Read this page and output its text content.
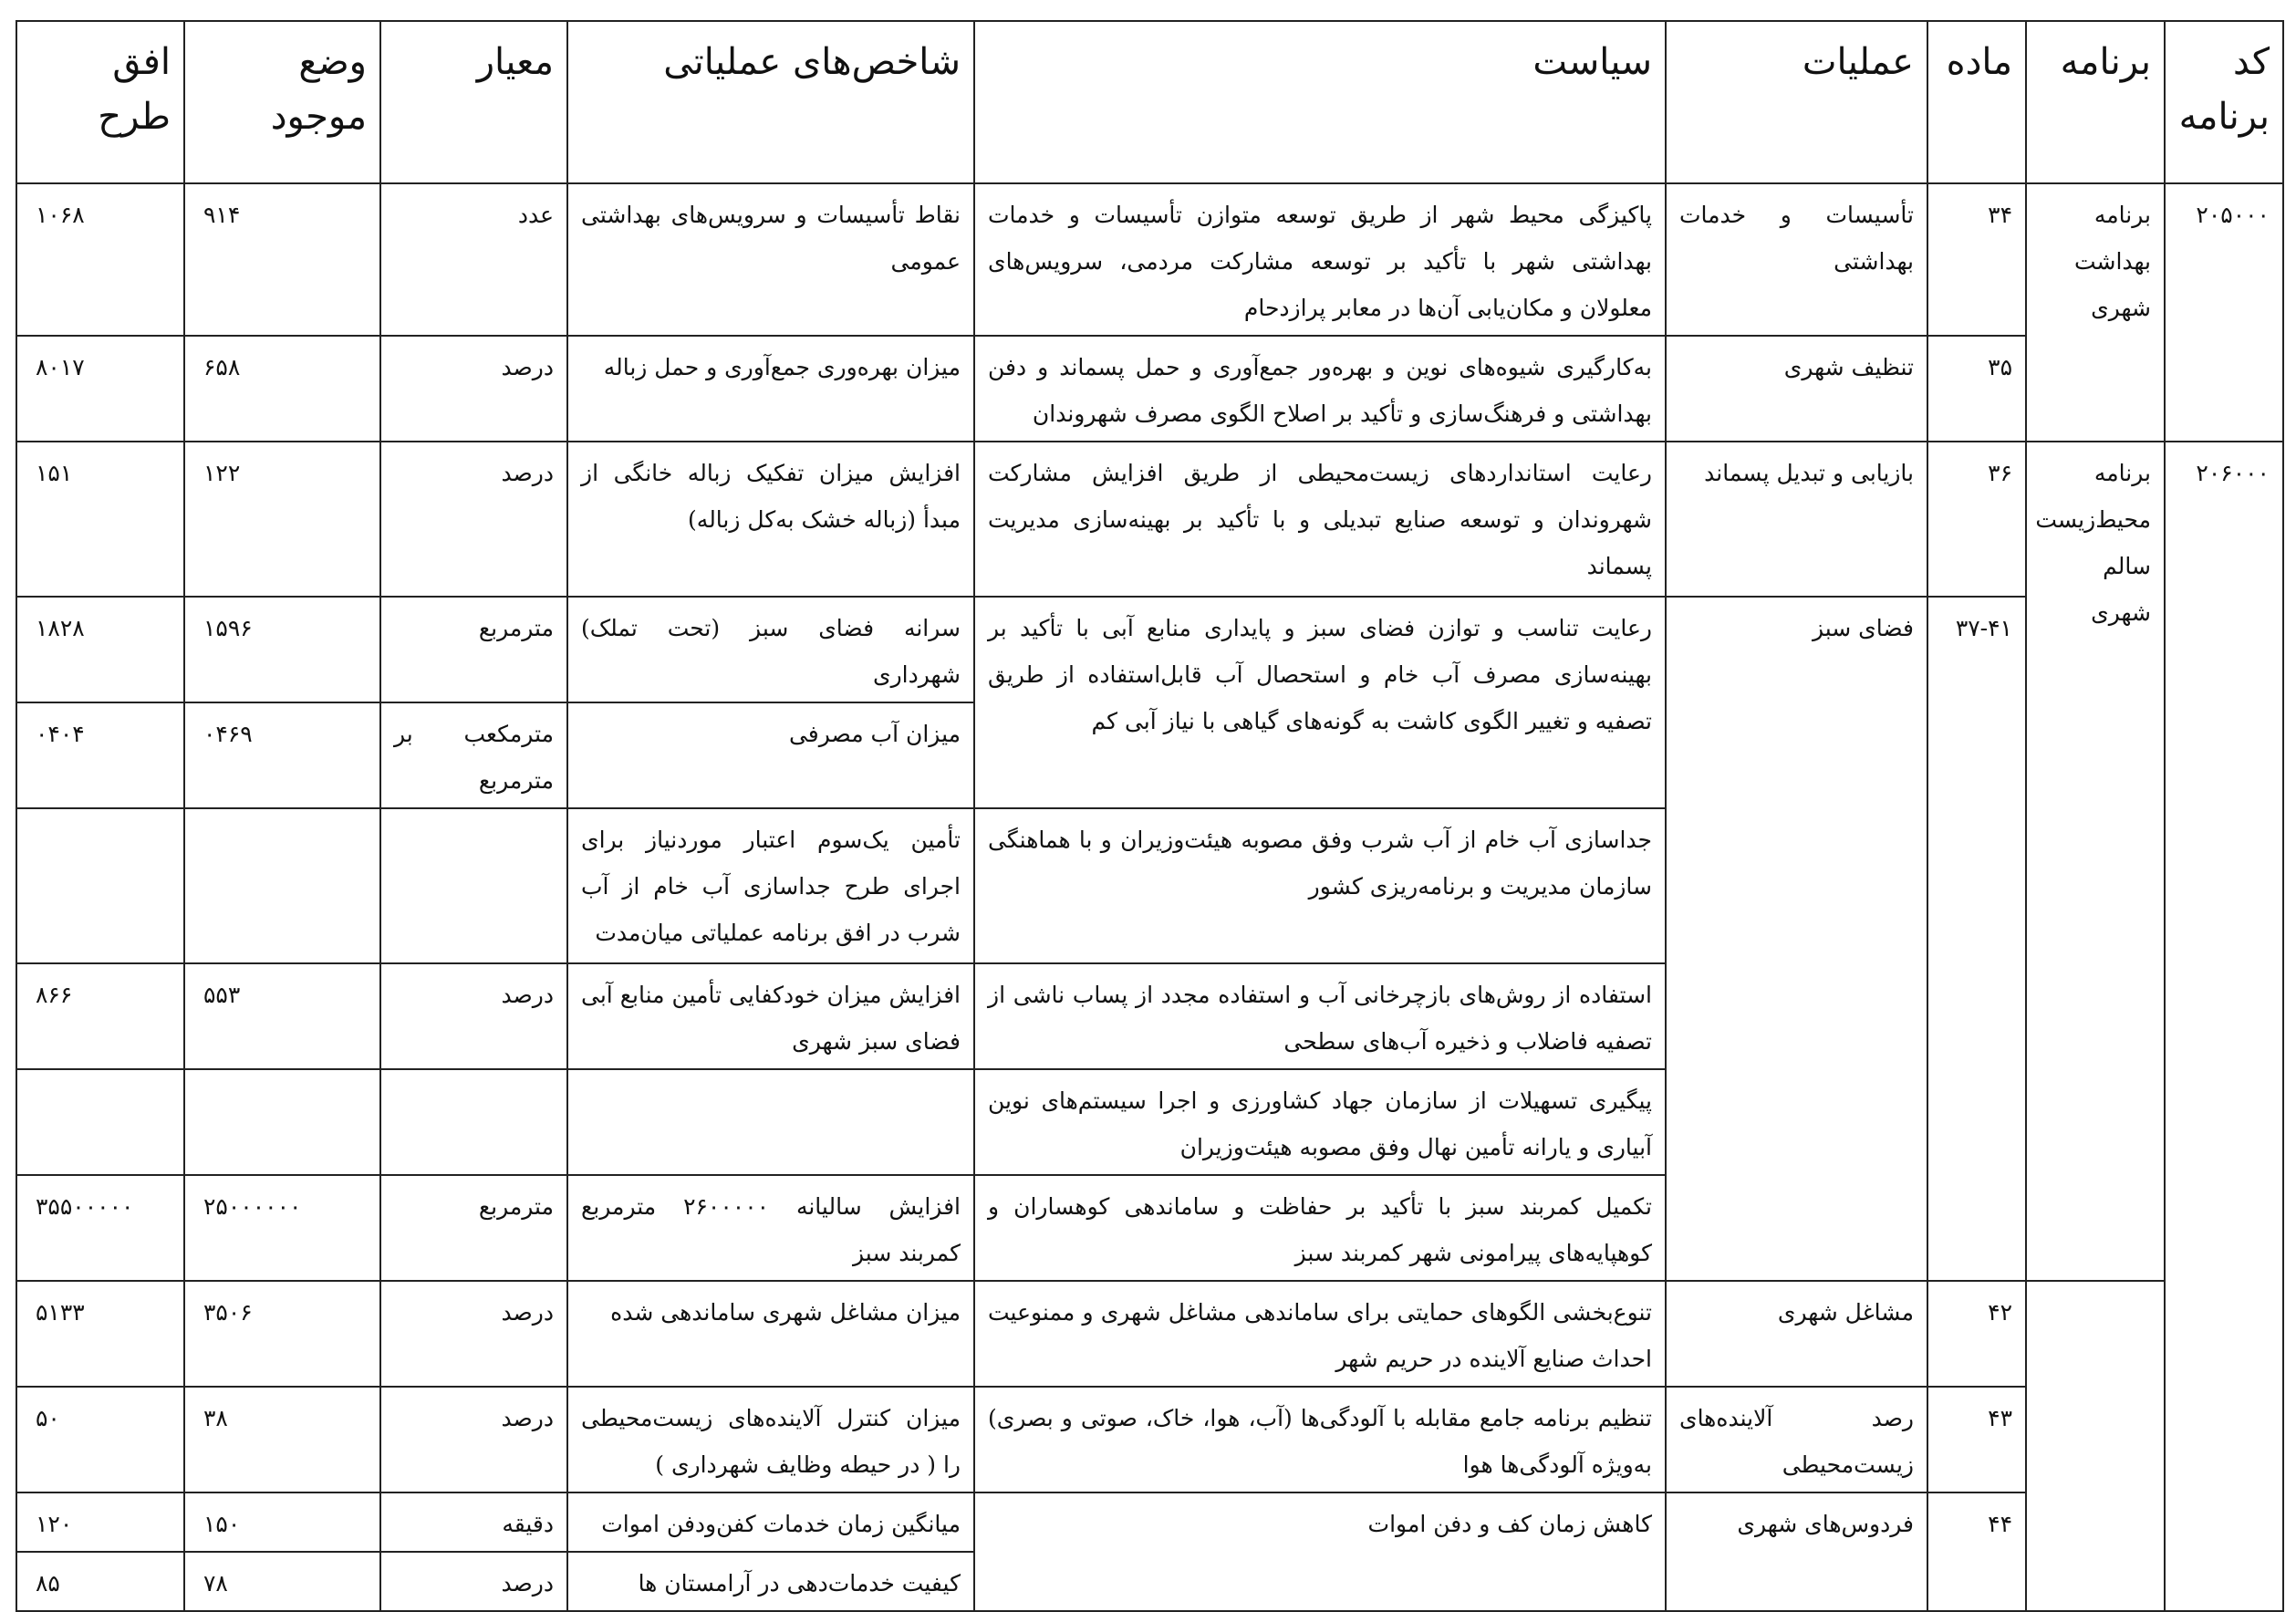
کد برنامه	برنامه	ماده	عملیات	سیاست	شاخص‌های عملیاتی	معیار	وضع موجود	افق طرح
۲۰۵۰۰۰	برنامه بهداشت شهری	۳۴	تأسیسات و خدمات بهداشتی	پاکیزگی محیط شهر از طریق توسعه متوازن تأسیسات و خدمات بهداشتی شهر با تأکید بر توسعه مشارکت مردمی، سرویس‌های معلولان و مکان‌یابی آن‌ها در معابر پرازدحام	نقاط تأسیسات و سرویس‌های بهداشتی عمومی	عدد	۹۱۴	۱۰۶۸
		۳۵	تنظیف شهری	به‌کارگیری شیوه‌های نوین و بهره‌ور جمع‌آوری و حمل پسماند و دفن بهداشتی و فرهنگ‌سازی و تأکید بر اصلاح الگوی مصرف شهروندان	میزان بهره‌وری جمع‌آوری و حمل زباله	درصد	۶۵۸	۸۰۱۷
۲۰۶۰۰۰	برنامه محیط‌زیست سالم شهری	۳۶	بازیابی و تبدیل پسماند	رعایت استانداردهای زیست‌محیطی از طریق افزایش مشارکت شهروندان و توسعه صنایع تبدیلی و با تأکید بر بهینه‌سازی مدیریت پسماند	افزایش میزان تفکیک زباله خانگی از مبدأ (زباله خشک به‌کل زباله)	درصد	۱۲۲	۱۵۱
		۳۷-۴۱	فضای سبز	رعایت تناسب و توازن فضای سبز و پایداری منابع آبی با تأکید بر بهینه‌سازی مصرف آب خام و استحصال آب قابل‌استفاده از طریق تصفیه و تغییر الگوی کاشت به گونه‌های گیاهی با نیاز آبی کم	سرانه فضای سبز (تحت تملک) شهرداری	مترمربع	۱۵۹۶	۱۸۲۸
					میزان آب مصرفی	مترمکعب بر مترمربع	۰۴۶۹	۰۴۰۴
				جداسازی آب خام از آب شرب وفق مصوبه هیئت‌وزیران و با هماهنگی سازمان مدیریت و برنامه‌ریزی کشور	تأمین یک‌سوم اعتبار موردنیاز برای اجرای طرح جداسازی آب خام از آب شرب در افق برنامه عملیاتی میان‌مدت			
				استفاده از روش‌های بازچرخانی آب و استفاده مجدد از پساب ناشی از تصفیه فاضلاب و ذخیره آب‌های سطحی	افزایش میزان خودکفایی تأمین منابع آبی فضای سبز شهری	درصد	۵۵۳	۸۶۶
				پیگیری تسهیلات از سازمان جهاد کشاورزی و اجرا سیستم‌های نوین آبیاری و یارانه تأمین نهال وفق مصوبه هیئت‌وزیران				
				تکمیل کمربند سبز با تأکید بر حفاظت و ساماندهی کوهساران و کوهپایه‌های پیرامونی شهر کمربند سبز	افزایش سالیانه ۲۶۰۰۰۰۰ مترمربع کمربند سبز	مترمربع	۲۵۰۰۰۰۰۰	۳۵۵۰۰۰۰۰
		۴۲	مشاغل شهری	تنوع‌بخشی الگوهای حمایتی برای ساماندهی مشاغل شهری و ممنوعیت احداث صنایع آلاینده در حریم شهر	میزان مشاغل شهری ساماندهی شده	درصد	۳۵۰۶	۵۱۳۳
		۴۳	رصد آلاینده‌های زیست‌محیطی	تنظیم برنامه جامع مقابله با آلودگی‌ها (آب، هوا، خاک، صوتی و بصری) به‌ویژه آلودگی‌ها هوا	میزان کنترل آلاینده‌های زیست‌محیطی را ( در حیطه وظایف شهرداری )	درصد	۳۸	۵۰
		۴۴	فردوس‌های شهری	کاهش زمان کف و دفن اموات	میانگین زمان خدمات کفن‌ودفن اموات	دقیقه	۱۵۰	۱۲۰
					کیفیت خدمات‌دهی در آرامستان ها	درصد	۷۸	۸۵
